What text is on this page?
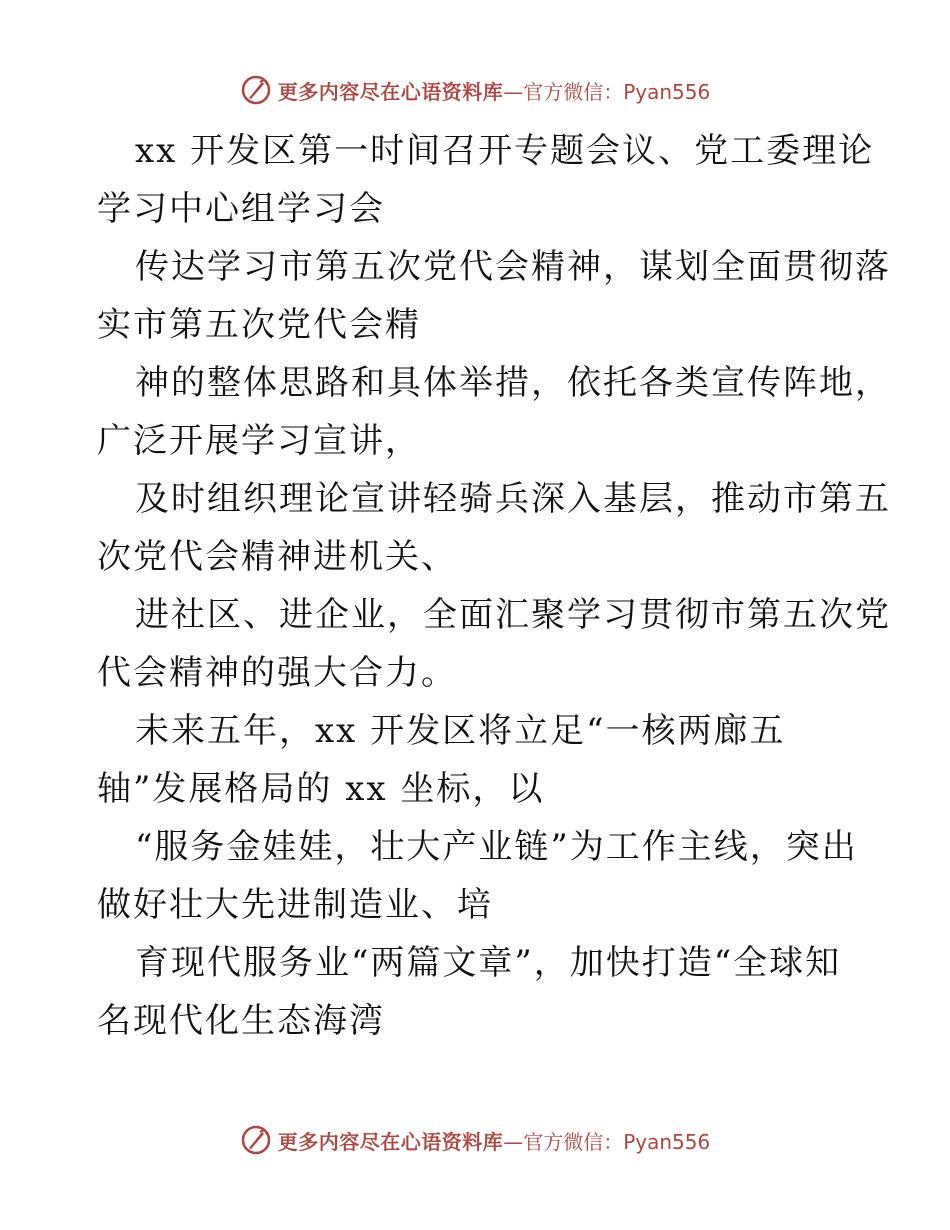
更多内容尽在心语资料库 —官方微信：Pyan556
xx 开发区第一时间召开专题会议、党工委理论
学习中心组学习会
传达学习市第五次党代会精神，谋划全面贯彻落
实市第五次党代会精
神的整体思路和具体举措，依托各类宣传阵地，
广泛开展学习宣讲，
及时组织理论宣讲轻骑兵深入基层，推动市第五
次党代会精神进机关、
进社区、进企业，全面汇聚学习贯彻市第五次党
代会精神的强大合力。
未来五年，xx 开发区将立足“一核两廊五
轴”发展格局的 xx 坐标，以
“服务金娃娃，壮大产业链”为工作主线，突出
做好壮大先进制造业、培
育现代服务业“两篇文章”，加快打造“全球知
名现代化生态海湾
更多内容尽在心语资料库 —官方微信：Pyan556
